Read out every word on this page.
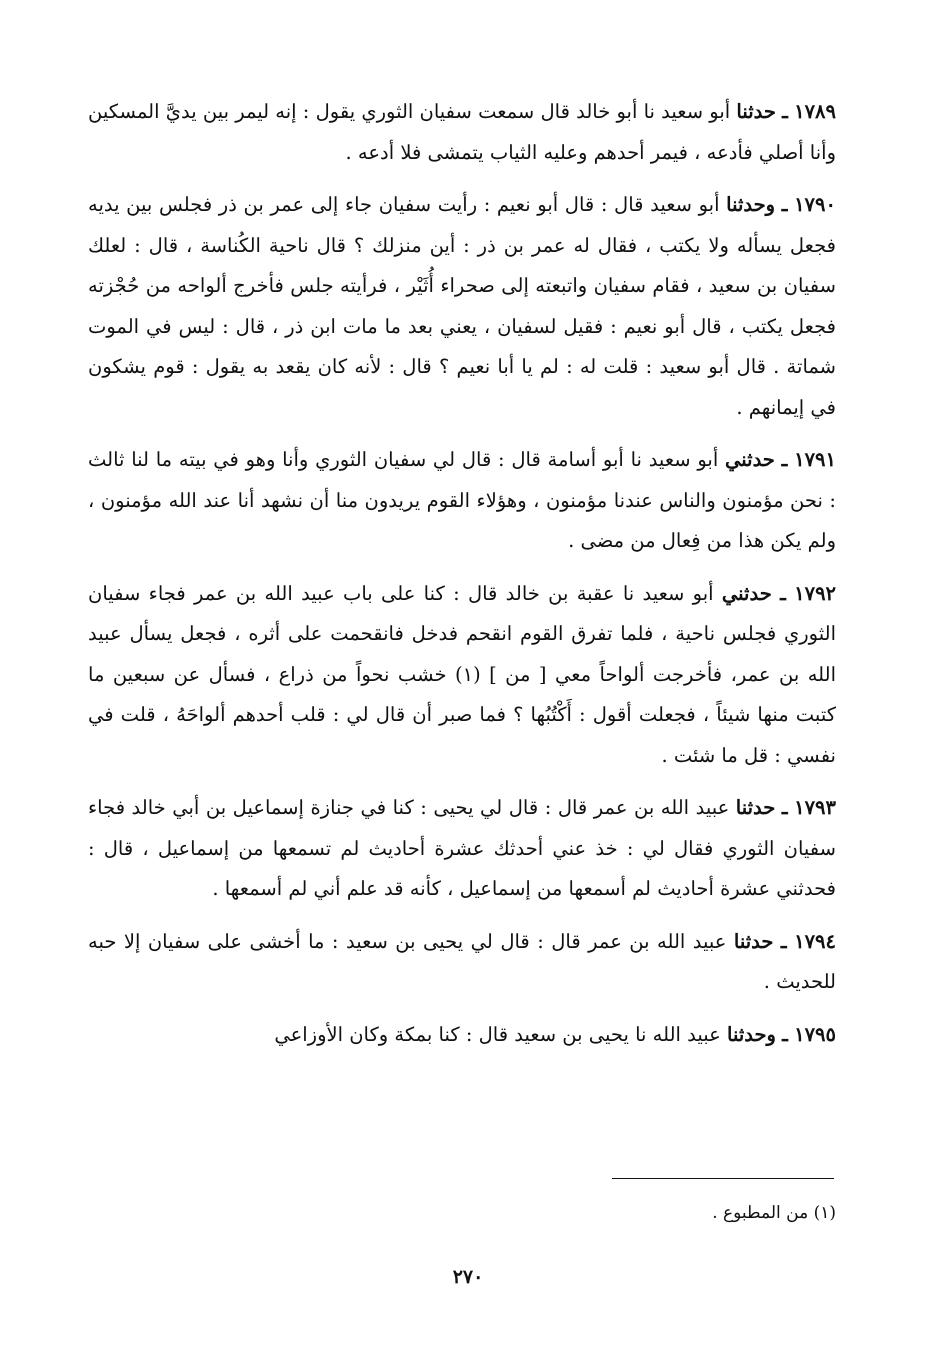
١٧٨٩ ـ حدثنا أبو سعيد نا أبو خالد قال سمعت سفيان الثوري يقول : إنه ليمر بين يديَّ المسكين وأنا أصلي فأدعه ، فيمر أحدهم وعليه الثياب يتمشى فلا أدعه .

١٧٩٠ ـ وحدثنا أبو سعيد قال : قال أبو نعيم : رأيت سفيان جاء إلى عمر بن ذر فجلس بين يديه فجعل يسأله ولا يكتب ، فقال له عمر بن ذر : أين منزلك ؟ قال ناحية الكُناسة ، قال : لعلك سفيان بن سعيد ، فقام سفيان واتبعته إلى صحراء أُثَيْر ، فرأيته جلس فأخرج ألواحه من حُجْزته فجعل يكتب ، قال أبو نعيم : فقيل لسفيان ، يعني بعد ما مات ابن ذر ، قال : ليس في الموت شماتة . قال أبو سعيد : قلت له : لم يا أبا نعيم ؟ قال : لأنه كان يقعد به يقول : قوم يشكون في إيمانهم .

١٧٩١ ـ حدثني أبو سعيد نا أبو أسامة قال : قال لي سفيان الثوري وأنا وهو في بيته ما لنا ثالث : نحن مؤمنون والناس عندنا مؤمنون ، وهؤلاء القوم يريدون منا أن نشهد أنا عند الله مؤمنون ، ولم يكن هذا من فِعال من مضى .

١٧٩٢ ـ حدثني أبو سعيد نا عقبة بن خالد قال : كنا على باب عبيد الله بن عمر فجاء سفيان الثوري فجلس ناحية ، فلما تفرق القوم انقحم فدخل فانقحمت على أثره ، فجعل يسأل عبيد الله بن عمر، فأخرجت ألواحاً معي [ من ] (١) خشب نحواً من ذراع ، فسأل عن سبعين ما كتبت منها شيئاً ، فجعلت أقول : أَكْتُبُها ؟ فما صبر أن قال لي : قلب أحدهم ألواحَهُ ، قلت في نفسي : قل ما شئت .

١٧٩٣ ـ حدثنا عبيد الله بن عمر قال : قال لي يحيى : كنا في جنازة إسماعيل بن أبي خالد فجاء سفيان الثوري فقال لي : خذ عني أحدثك عشرة أحاديث لم تسمعها من إسماعيل ، قال : فحدثني عشرة أحاديث لم أسمعها من إسماعيل ، كأنه قد علم أني لم أسمعها .

١٧٩٤ ـ حدثنا عبيد الله بن عمر قال : قال لي يحيى بن سعيد : ما أخشى على سفيان إلا حبه للحديث .

١٧٩٥ ـ وحدثنا عبيد الله نا يحيى بن سعيد قال : كنا بمكة وكان الأوزاعي

(١) من المطبوع .
٢٧٠
